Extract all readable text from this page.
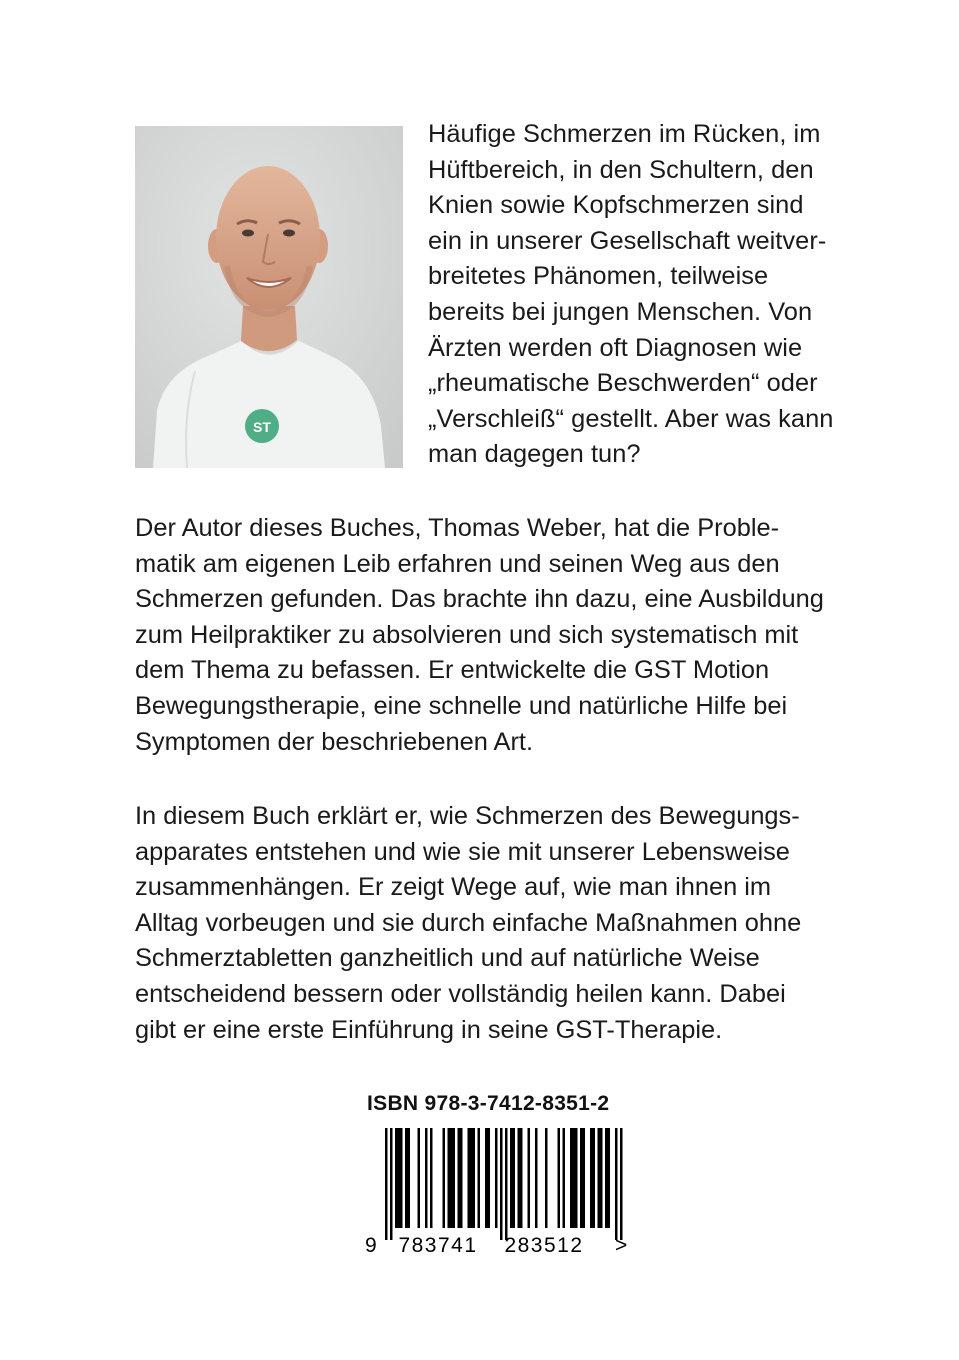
ST

Häufige Schmerzen im Rücken, im
Hüftbereich, in den Schultern, den
Knien sowie Kopfschmerzen sind
ein in unserer Gesellschaft weitver-
breitetes Phänomen, teilweise
bereits bei jungen Menschen. Von
Ärzten werden oft Diagnosen wie
„rheumatische Beschwerden“ oder
„Verschleiß“ gestellt. Aber was kann
man dagegen tun?

Der Autor dieses Buches, Thomas Weber, hat die Proble-
matik am eigenen Leib erfahren und seinen Weg aus den
Schmerzen gefunden. Das brachte ihn dazu, eine Ausbildung
zum Heilpraktiker zu absolvieren und sich systematisch mit
dem Thema zu befassen. Er entwickelte die GST Motion
Bewegungstherapie, eine schnelle und natürliche Hilfe bei
Symptomen der beschriebenen Art.

In diesem Buch erklärt er, wie Schmerzen des Bewegungs-
apparates entstehen und wie sie mit unserer Lebensweise
zusammenhängen. Er zeigt Wege auf, wie man ihnen im
Alltag vorbeugen und sie durch einfache Maßnahmen ohne
Schmerztabletten ganzheitlich und auf natürliche Weise
entscheidend bessern oder vollständig heilen kann. Dabei
gibt er eine erste Einführung in seine GST-Therapie.

ISBN 978-3-7412-8351-2
9 783741 283512 >
